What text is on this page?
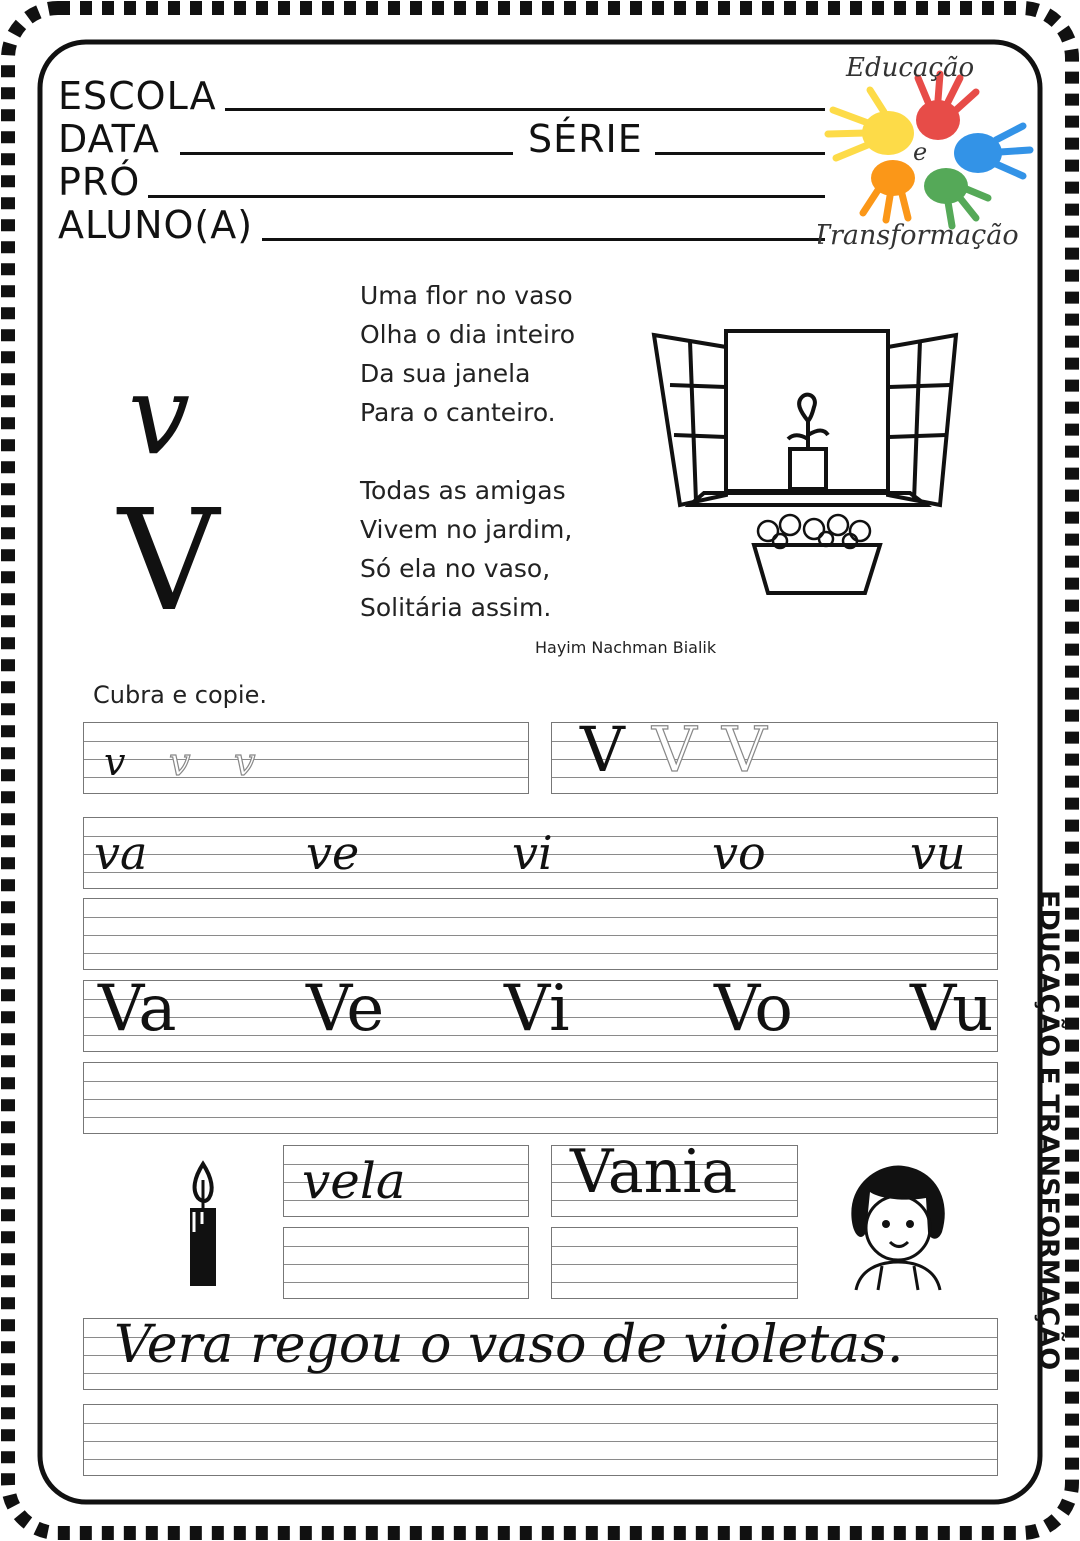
ESCOLA
DATA	SÉRIE
PRÓ
ALUNO(A)
Educação
e
Transformação
EDUCAÇÃO E TRANSFORMAÇÃO
v
V

Uma flor no vaso
Olha o dia inteiro
Da sua janela
Para o canteiro.

Todas as amigas
Vivem no jardim,
Só ela no vaso,
Solitária assim.

Hayim Nachman Bialik
Cubra e copie.
v v v	V V V
va	ve	vi	vo	vu
Va Ve Vi Vo Vu
vela	Vania
Vera regou o vaso de violetas.
